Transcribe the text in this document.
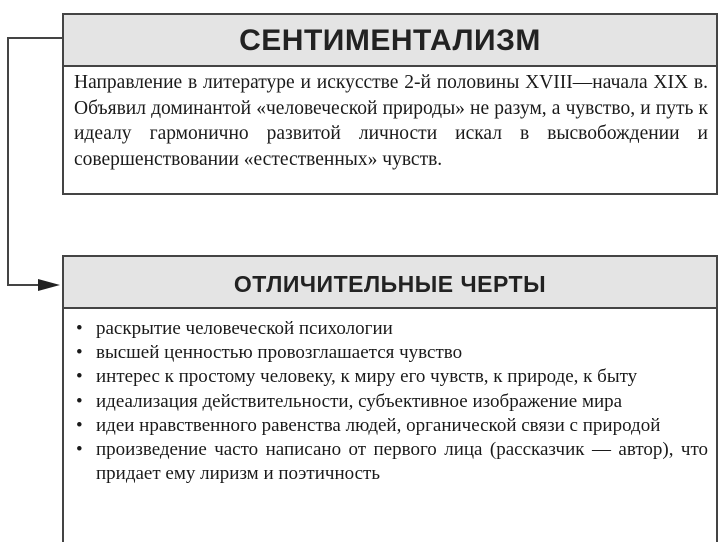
СЕНТИМЕНТАЛИЗМ
Направление в литературе и искусстве 2-й половины XVIII—начала XIX в. Объявил доминантой «человеческой природы» не разум, а чувство, и путь к идеалу гармонично развитой личности искал в высвобождении и совершенствовании «естественных» чувств.
ОТЛИЧИТЕЛЬНЫЕ ЧЕРТЫ
• раскрытие человеческой психологии
• высшей ценностью провозглашается чувство
• интерес к простому человеку, к миру его чувств, к природе, к быту
• идеализация действительности, субъективное изображение мира
• идеи нравственного равенства людей, органической связи с природой
• произведение часто написано от первого лица (рассказчик — автор), что придает ему лиризм и поэтичность
